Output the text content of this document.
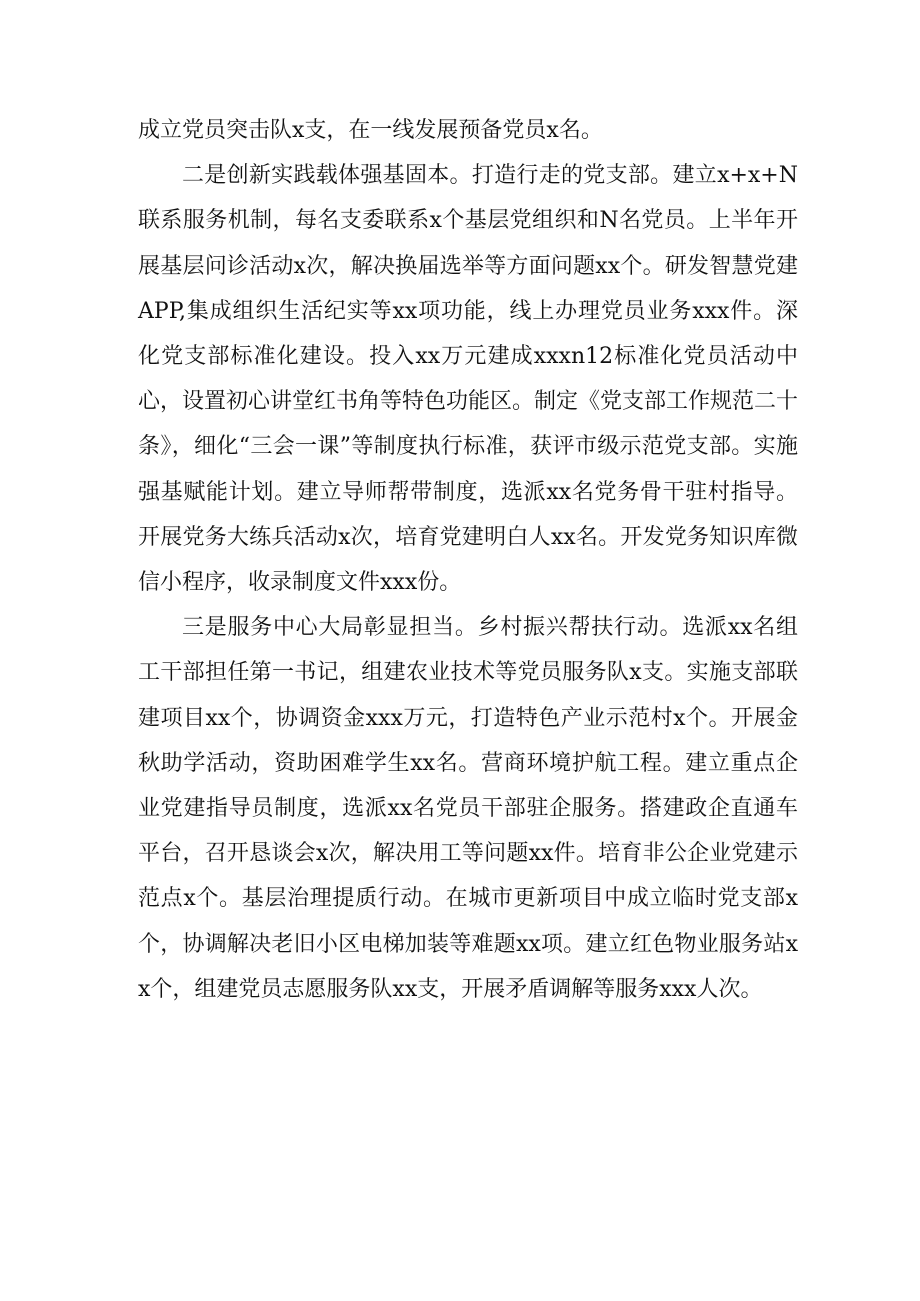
成立党员突击队x支，在一线发展预备党员x名。

二是创新实践载体强基固本。打造行走的党支部。建立x+x+N联系服务机制，每名支委联系x个基层党组织和N名党员。上半年开展基层问诊活动x次，解决换届选举等方面问题xx个。研发智慧党建APP,集成组织生活纪实等xx项功能，线上办理党员业务xxx件。深化党支部标准化建设。投入xx万元建成xxxn12标准化党员活动中心，设置初心讲堂红书角等特色功能区。制定《党支部工作规范二十条》，细化“三会一课”等制度执行标准，获评市级示范党支部。实施强基赋能计划。建立导师帮带制度，选派xx名党务骨干驻村指导。开展党务大练兵活动x次，培育党建明白人xx名。开发党务知识库微信小程序，收录制度文件xxx份。

三是服务中心大局彰显担当。乡村振兴帮扶行动。选派xx名组工干部担任第一书记，组建农业技术等党员服务队x支。实施支部联建项目xx个，协调资金xxx万元，打造特色产业示范村x个。开展金秋助学活动，资助困难学生xx名。营商环境护航工程。建立重点企业党建指导员制度，选派xx名党员干部驻企服务。搭建政企直通车平台，召开恳谈会x次，解决用工等问题xx件。培育非公企业党建示范点x个。基层治理提质行动。在城市更新项目中成立临时党支部x个，协调解决老旧小区电梯加装等难题xx项。建立红色物业服务站xx个，组建党员志愿服务队xx支，开展矛盾调解等服务xxx人次。
